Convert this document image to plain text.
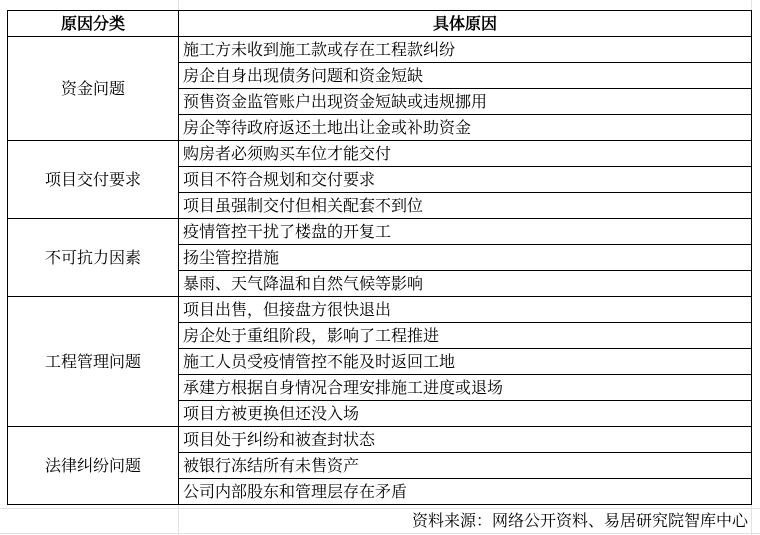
原因分类	具体原因
资金问题	施工方未收到施工款或存在工程款纠纷
	房企自身出现债务问题和资金短缺
	预售资金监管账户出现资金短缺或违规挪用
	房企等待政府返还土地出让金或补助资金
项目交付要求	购房者必须购买车位才能交付
	项目不符合规划和交付要求
	项目虽强制交付但相关配套不到位
不可抗力因素	疫情管控干扰了楼盘的开复工
	扬尘管控措施
	暴雨、天气降温和自然气候等影响
工程管理问题	项目出售，但接盘方很快退出
	房企处于重组阶段，影响了工程推进
	施工人员受疫情管控不能及时返回工地
	承建方根据自身情况合理安排施工进度或退场
	项目方被更换但还没入场
法律纠纷问题	项目处于纠纷和被查封状态
	被银行冻结所有未售资产
	公司内部股东和管理层存在矛盾
资料来源：网络公开资料、易居研究院智库中心
